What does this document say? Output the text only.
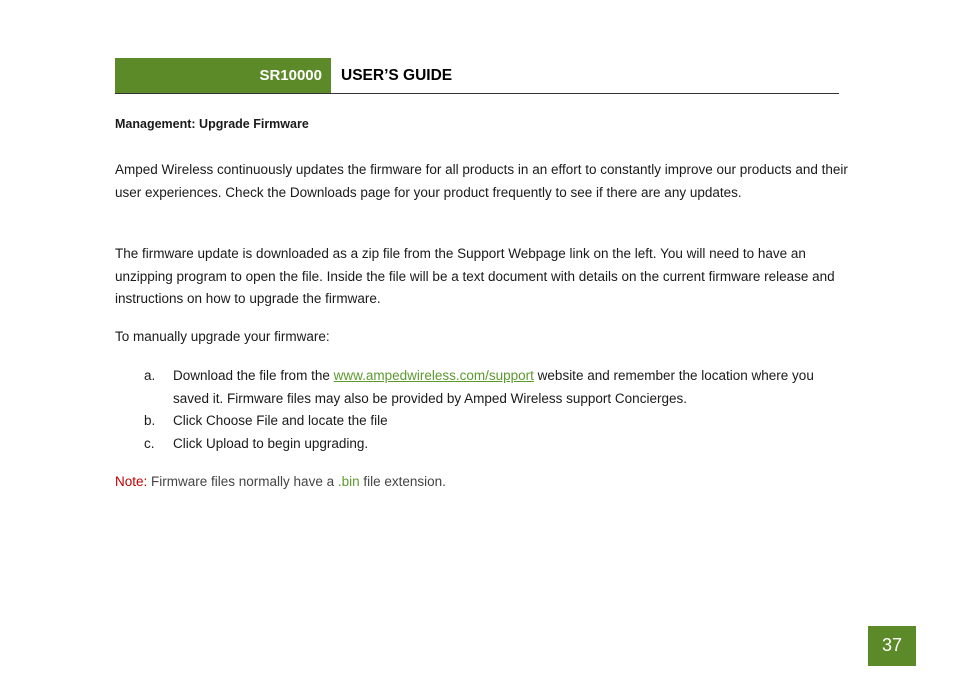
SR10000	USER’S GUIDE
Management: Upgrade Firmware

Amped Wireless continuously updates the firmware for all products in an effort to constantly improve our products and their user experiences. Check the Downloads page for your product frequently to see if there are any updates.

The firmware update is downloaded as a zip file from the Support Webpage link on the left. You will need to have an unzipping program to open the file. Inside the file will be a text document with details on the current firmware release and instructions on how to upgrade the firmware.

To manually upgrade your firmware:

a. Download the file from the www.ampedwireless.com/support website and remember the location where you saved it. Firmware files may also be provided by Amped Wireless support Concierges.
b. Click Choose File and locate the file
c. Click Upload to begin upgrading.
Note: Firmware files normally have a .bin file extension.
37
